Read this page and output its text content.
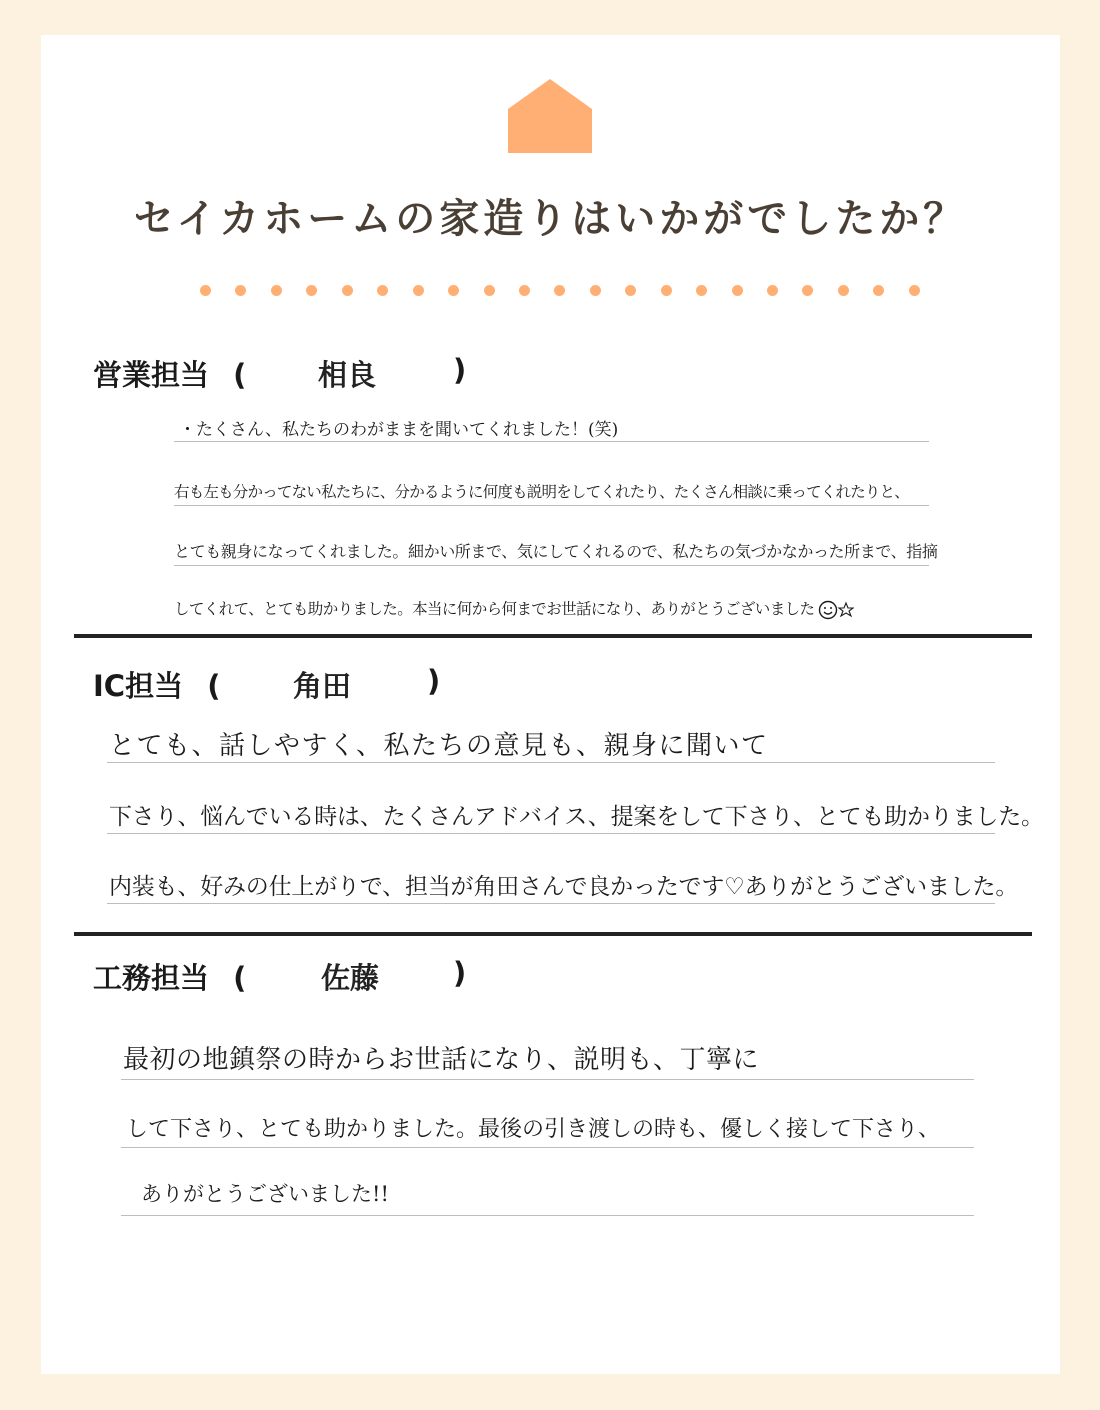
セイカホームの家造りはいかがでしたか？
営業担当 ( 相良	)
・たくさん、私たちのわがままを聞いてくれました！(笑)
右も左も分かってない私たちに、分かるように何度も説明をしてくれたり、たくさん相談に乗ってくれたりと、
とても親身になってくれました。細かい所まで、気にしてくれるので、私たちの気づかなかった所まで、指摘
してくれて、とても助かりました。本当に何から何までお世話になり、ありがとうございました
IC担当 (	角田	)
とても、話しやすく、私たちの意見も、親身に聞いて
下さり、悩んでいる時は、たくさんアドバイス、提案をして下さり、とても助かりました。
内装も、好みの仕上がりで、担当が角田さんで良かったです♡ありがとうございました。
工務担当 (	佐藤	)
最初の地鎮祭の時からお世話になり、説明も、丁寧に
して下さり、とても助かりました。最後の引き渡しの時も、優しく接して下さり、
ありがとうございました!!
